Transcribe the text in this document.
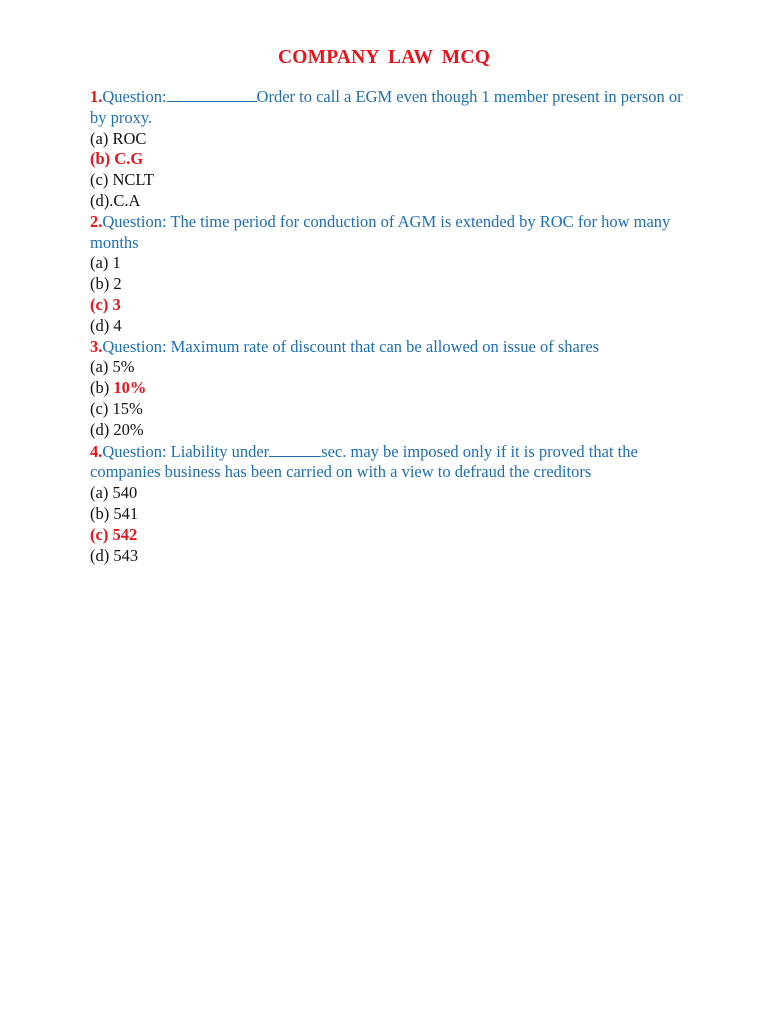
COMPANY LAW MCQ
1.Question:	Order to call a EGM even though 1 member present in person or by proxy.
(a) ROC
(b) C.G
(c) NCLT
(d).C.A
2.Question: The time period for conduction of AGM is extended by ROC for how many months
(a) 1
(b) 2
(c) 3
(d) 4
3.Question: Maximum rate of discount that can be allowed on issue of shares
(a) 5%
(b) 10%
(c) 15%
(d) 20%
4.Question: Liability under	sec. may be imposed only if it is proved that the companies business has been carried on with a view to defraud the creditors
(a) 540
(b) 541
(c) 542
(d) 543
